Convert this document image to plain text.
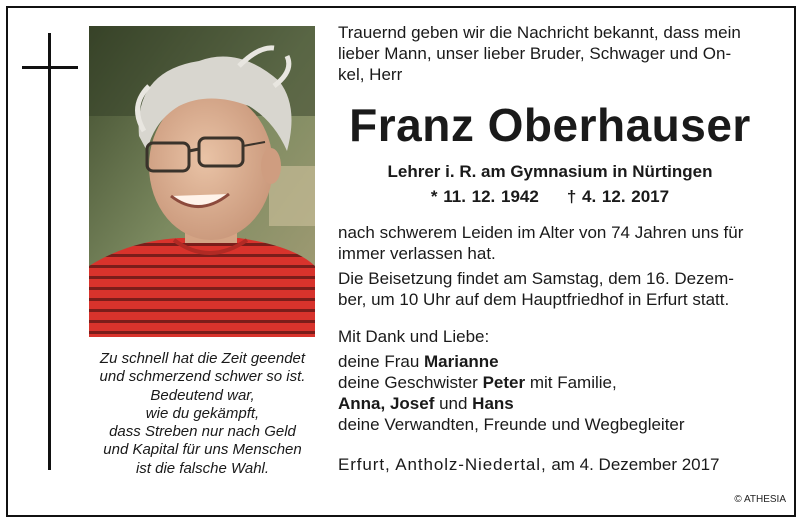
Zu schnell hat die Zeit geendet
und schmerzend schwer so ist.
Bedeutend war,
wie du gekämpft,
dass Streben nur nach Geld
und Kapital für uns Menschen
ist die falsche Wahl.
Trauernd geben wir die Nachricht bekannt, dass mein
lieber Mann, unser lieber Bruder, Schwager und On-
kel, Herr
Franz Oberhauser
Lehrer i. R. am Gymnasium in Nürtingen
* 11. 12. 1942 † 4. 12. 2017
nach schwerem Leiden im Alter von 74 Jahren uns für
immer verlassen hat.
Die Beisetzung findet am Samstag, dem 16. Dezem-
ber, um 10 Uhr auf dem Hauptfriedhof in Erfurt statt.
Mit Dank und Liebe:
deine Frau Marianne
deine Geschwister Peter mit Familie,
Anna, Josef und Hans
deine Verwandten, Freunde und Wegbegleiter
Erfurt, Antholz-Niedertal, am 4. Dezember 2017
© ATHESIA
